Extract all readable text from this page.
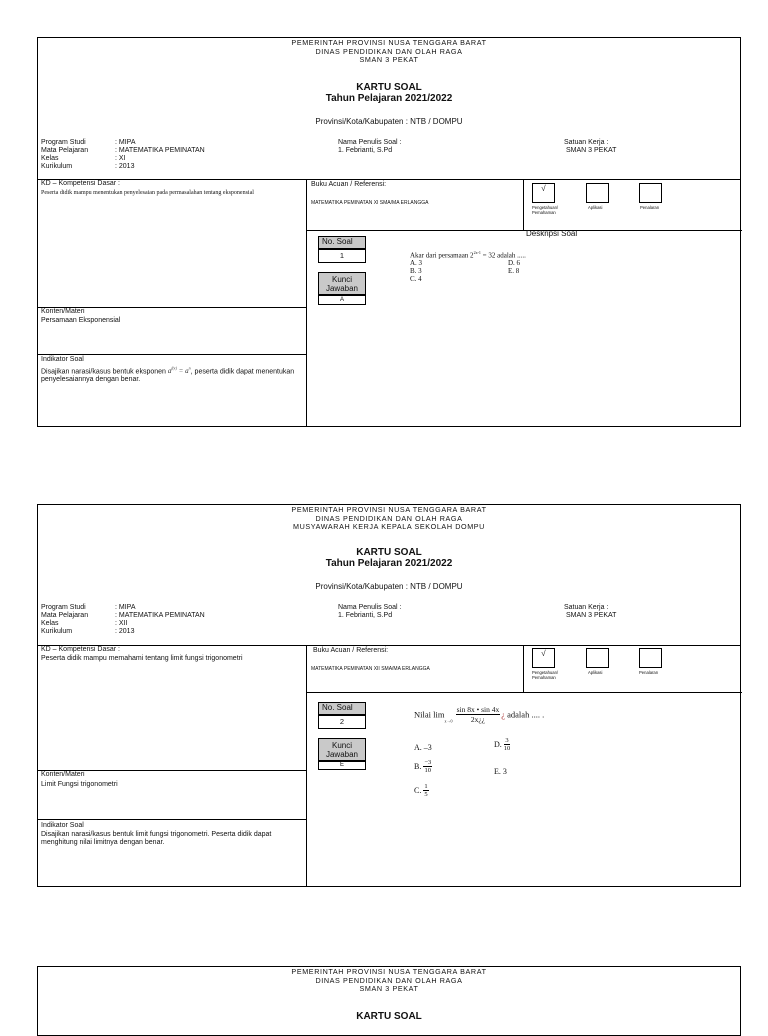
PEMERINTAH PROVINSI NUSA TENGGARA BARAT
DINAS PENDIDIKAN DAN OLAH RAGA
SMAN 3 PEKAT
KARTU SOAL
Tahun Pelajaran 2021/2022
Provinsi/Kota/Kabupaten : NTB / DOMPU
Program Studi	: MIPA
Mata Pelajaran	: MATEMATIKA PEMINATAN
Kelas	: XI
Kurikulum	: 2013
Nama Penulis Soal :
1. Febrianti, S.Pd
Satuan Kerja :
SMAN 3 PEKAT
KD – Kompetensi Dasar :
Peserta didik mampu menentukan penyelesaian pada permasalahan tentang eksponensial
Konten/Materi
Persamaan Eksponensial
Indikator Soal
Disajikan narasi/kasus bentuk eksponen $a^{f(x)} = a^n$, peserta didik dapat menentukan penyelesaiannya dengan benar.
Buku Acuan / Referensi:
MATEMATIKA PEMINATAN XI SMA/MA ERLANGGA
√
Pengetahuan/ Pemahaman
Aplikasi	Penalaran
Deskripsi Soal
No. Soal
1
Kunci Jawaban
A
Akar dari persamaan $2^{2x-1} = 32$ adalah .....
A. 3
B. 3
C. 4
D. 6
E. 8
PEMERINTAH PROVINSI NUSA TENGGARA BARAT
DINAS PENDIDIKAN DAN OLAH RAGA
MUSYAWARAH KERJA KEPALA SEKOLAH DOMPU
KARTU SOAL
Tahun Pelajaran 2021/2022
Provinsi/Kota/Kabupaten : NTB / DOMPU
Program Studi	: MIPA
Mata Pelajaran	: MATEMATIKA PEMINATAN
Kelas	: XII
Kurikulum	: 2013
Nama Penulis Soal :
1. Febrianti, S.Pd
Satuan Kerja :
SMAN 3 PEKAT
KD – Kompetensi Dasar :
Peserta didik mampu memahami tentang limit fungsi trigonometri
Konten/Materi
Limit Fungsi trigonometri
Indikator Soal
Disajikan narasi/kasus bentuk limit fungsi trigonometri. Peserta didik dapat menghitung nilai limitnya dengan benar.
Buku Acuan / Referensi:
MATEMATIKA PEMINATAN XII SMA/MA ERLANGGA
√
Pengetahuan/ Pemahaman
Aplikasi	Penalaran
No. Soal
2
Kunci Jawaban
E
Nilai $\lim_{x\to 0} \frac{\sin 8x • \sin 4x}{2x¿¿}$ ¿ adalah .... .
A. –3	D. $\frac{3}{10}$
B. $\frac{-3}{10}$	E. 3
C. $\frac{1}{5}$
PEMERINTAH PROVINSI NUSA TENGGARA BARAT
DINAS PENDIDIKAN DAN OLAH RAGA
SMAN 3 PEKAT
KARTU SOAL
